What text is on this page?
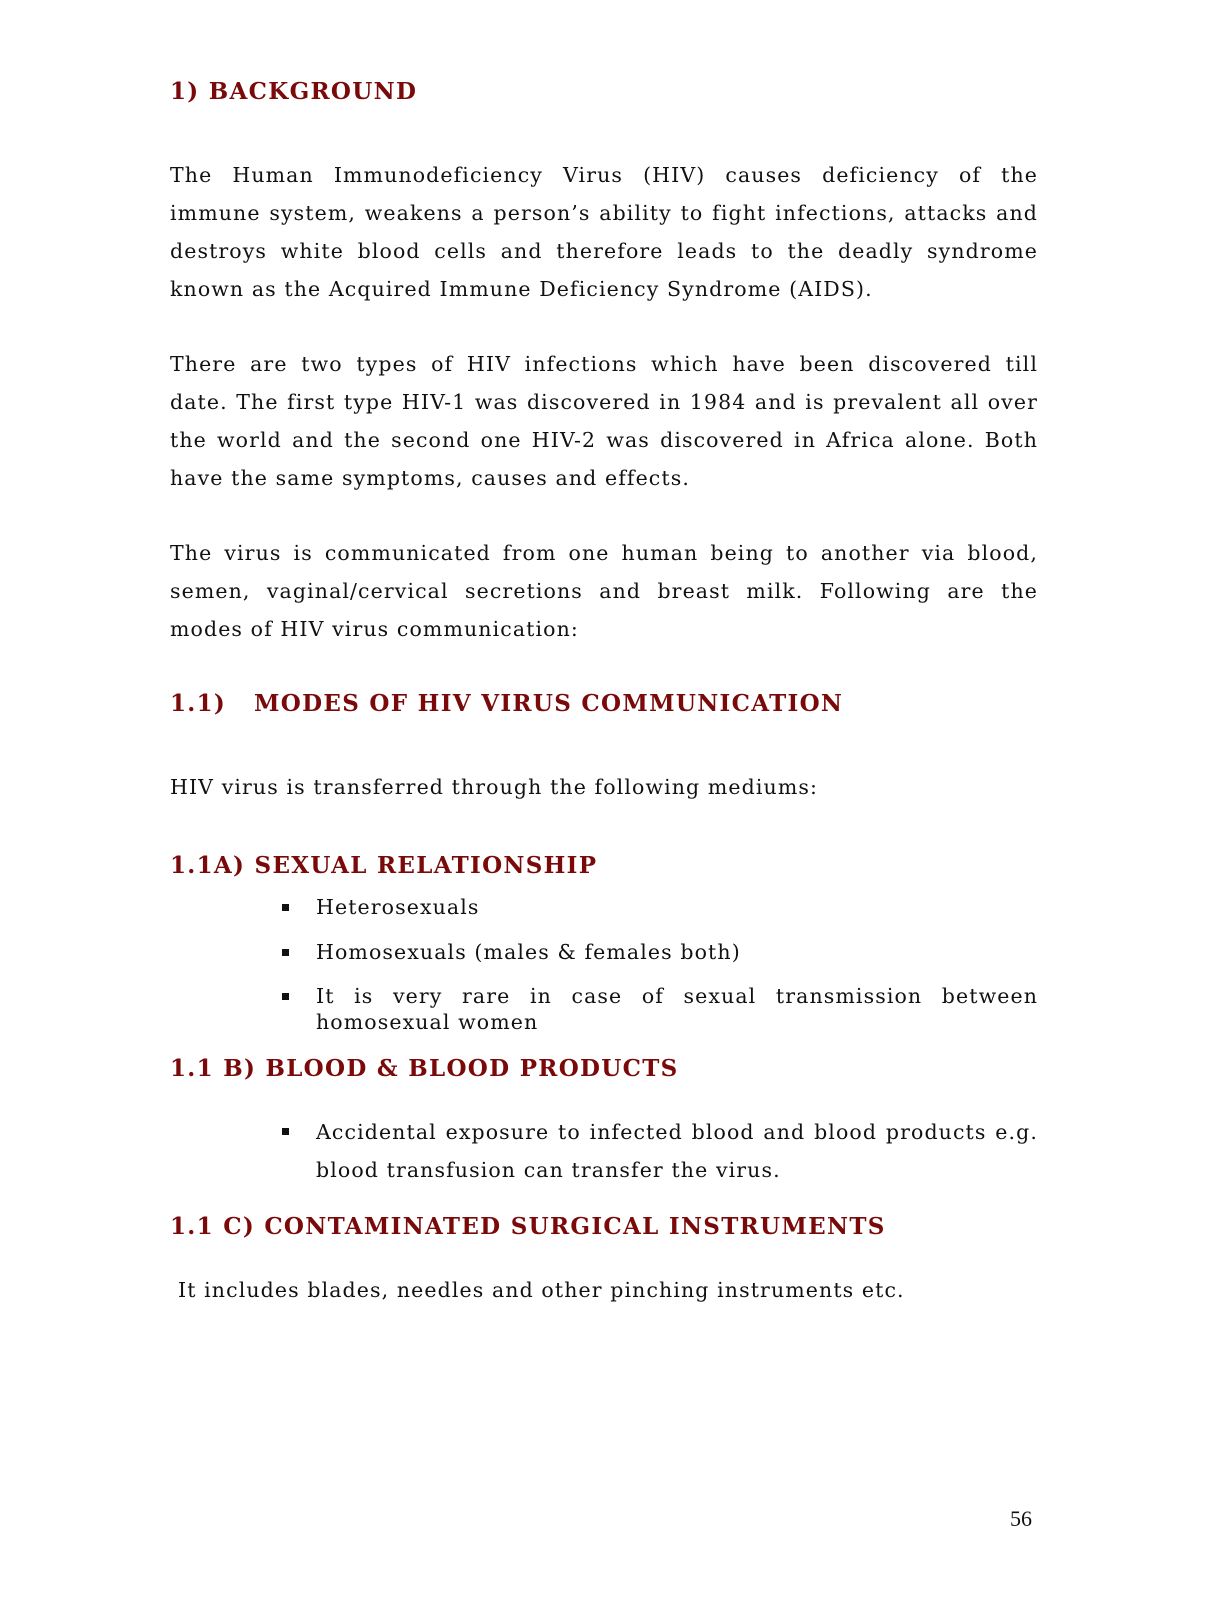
1) BACKGROUND
The Human Immunodeficiency Virus (HIV) causes deficiency of the
immune system, weakens a person’s ability to fight infections, attacks and
destroys white blood cells and therefore leads to the deadly syndrome
known as the Acquired Immune Deficiency Syndrome (AIDS).
There are two types of HIV infections which have been discovered till
date. The first type HIV-1 was discovered in 1984 and is prevalent all over
the world and the second one HIV-2 was discovered in Africa alone. Both
have the same symptoms, causes and effects.
The virus is communicated from one human being to another via blood,
semen, vaginal/cervical secretions and breast milk. Following are the
modes of HIV virus communication:
1.1)   MODES OF HIV VIRUS COMMUNICATION

HIV virus is transferred through the following mediums:

1.1A) SEXUAL RELATIONSHIP
Heterosexuals
Homosexuals (males & females both)
It is very rare in case of sexual transmission between
homosexual women
1.1 B) BLOOD & BLOOD PRODUCTS
Accidental exposure to infected blood and blood products e.g.
blood transfusion can transfer the virus.
1.1 C) CONTAMINATED SURGICAL INSTRUMENTS

It includes blades, needles and other pinching instruments etc.

56
